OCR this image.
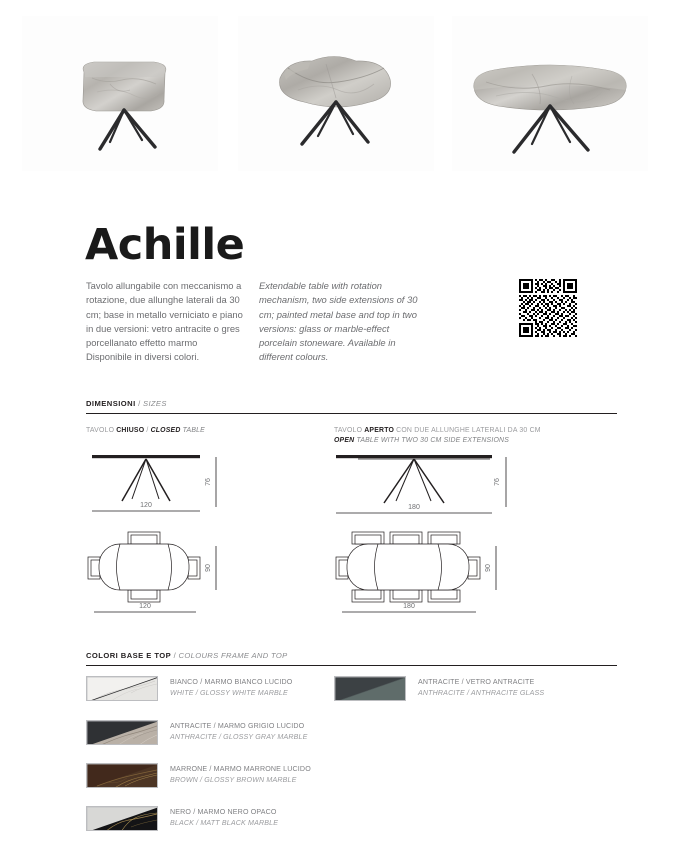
Achille
Tavolo allungabile con meccanismo a rotazione, due allunghe laterali da 30 cm; base in metallo verniciato e piano in due versioni: vetro antracite o gres porcellanato effetto marmo Disponibile in diversi colori.
Extendable table with rotation mechanism, two side extensions of 30 cm; painted metal base and top in two versions: glass or marble-effect porcelain stoneware. Available in different colours.
DIMENSIONI / SIZES
TAVOLO CHIUSO / CLOSED TABLE	TAVOLO APERTO CON DUE ALLUNGHE LATERALI DA 30 CM
OPEN TABLE WITH TWO 30 CM SIDE EXTENSIONS
120
76
180
76
120
90
180
90
COLORI BASE E TOP / COLOURS FRAME AND TOP
BIANCO / MARMO BIANCO LUCIDO
WHITE / GLOSSY WHITE MARBLE
ANTRACITE / MARMO GRIGIO LUCIDO
ANTHRACITE / GLOSSY GRAY MARBLE
MARRONE / MARMO MARRONE LUCIDO
BROWN / GLOSSY BROWN MARBLE
NERO / MARMO NERO OPACO
BLACK / MATT BLACK MARBLE
ANTRACITE / VETRO ANTRACITE
ANTHRACITE / ANTHRACITE GLASS
